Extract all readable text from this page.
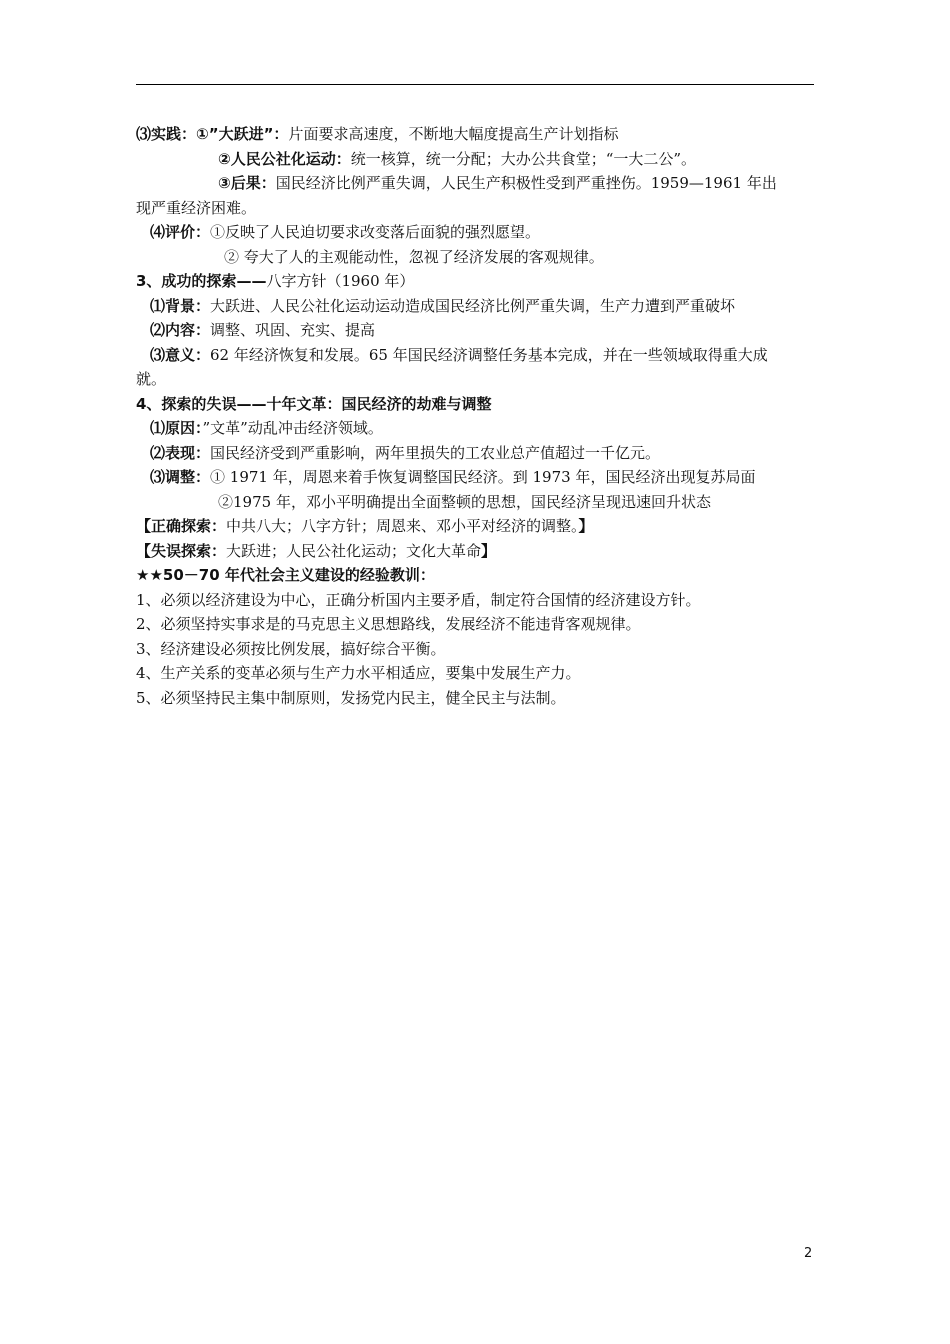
⑶实践：①”大跃进”：片面要求高速度，不断地大幅度提高生产计划指标
②人民公社化运动：统一核算，统一分配；大办公共食堂；“一大二公”。
③后果：国民经济比例严重失调，人民生产积极性受到严重挫伤。1959—1961 年出
现严重经济困难。
⑷评价：①反映了人民迫切要求改变落后面貌的强烈愿望。
② 夸大了人的主观能动性，忽视了经济发展的客观规律。
3、成功的探索——八字方针（1960 年）
⑴背景：大跃进、人民公社化运动运动造成国民经济比例严重失调，生产力遭到严重破坏
⑵内容：调整、巩固、充实、提高
⑶意义：62 年经济恢复和发展。65 年国民经济调整任务基本完成，并在一些领域取得重大成
就。
4、探索的失误——十年文革：国民经济的劫难与调整
⑴原因：”文革”动乱冲击经济领域。
⑵表现：国民经济受到严重影响，两年里损失的工农业总产值超过一千亿元。
⑶调整：① 1971 年，周恩来着手恢复调整国民经济。到 1973 年，国民经济出现复苏局面
②1975 年，邓小平明确提出全面整顿的思想，国民经济呈现迅速回升状态
【正确探索：中共八大；八字方针；周恩来、邓小平对经济的调整。】
【失误探索：大跃进；人民公社化运动；文化大革命】
★★50－70 年代社会主义建设的经验教训：
1、必须以经济建设为中心，正确分析国内主要矛盾，制定符合国情的经济建设方针。
2、必须坚持实事求是的马克思主义思想路线，发展经济不能违背客观规律。
3、经济建设必须按比例发展，搞好综合平衡。
4、生产关系的变革必须与生产力水平相适应，要集中发展生产力。
5、必须坚持民主集中制原则，发扬党内民主，健全民主与法制。
2
